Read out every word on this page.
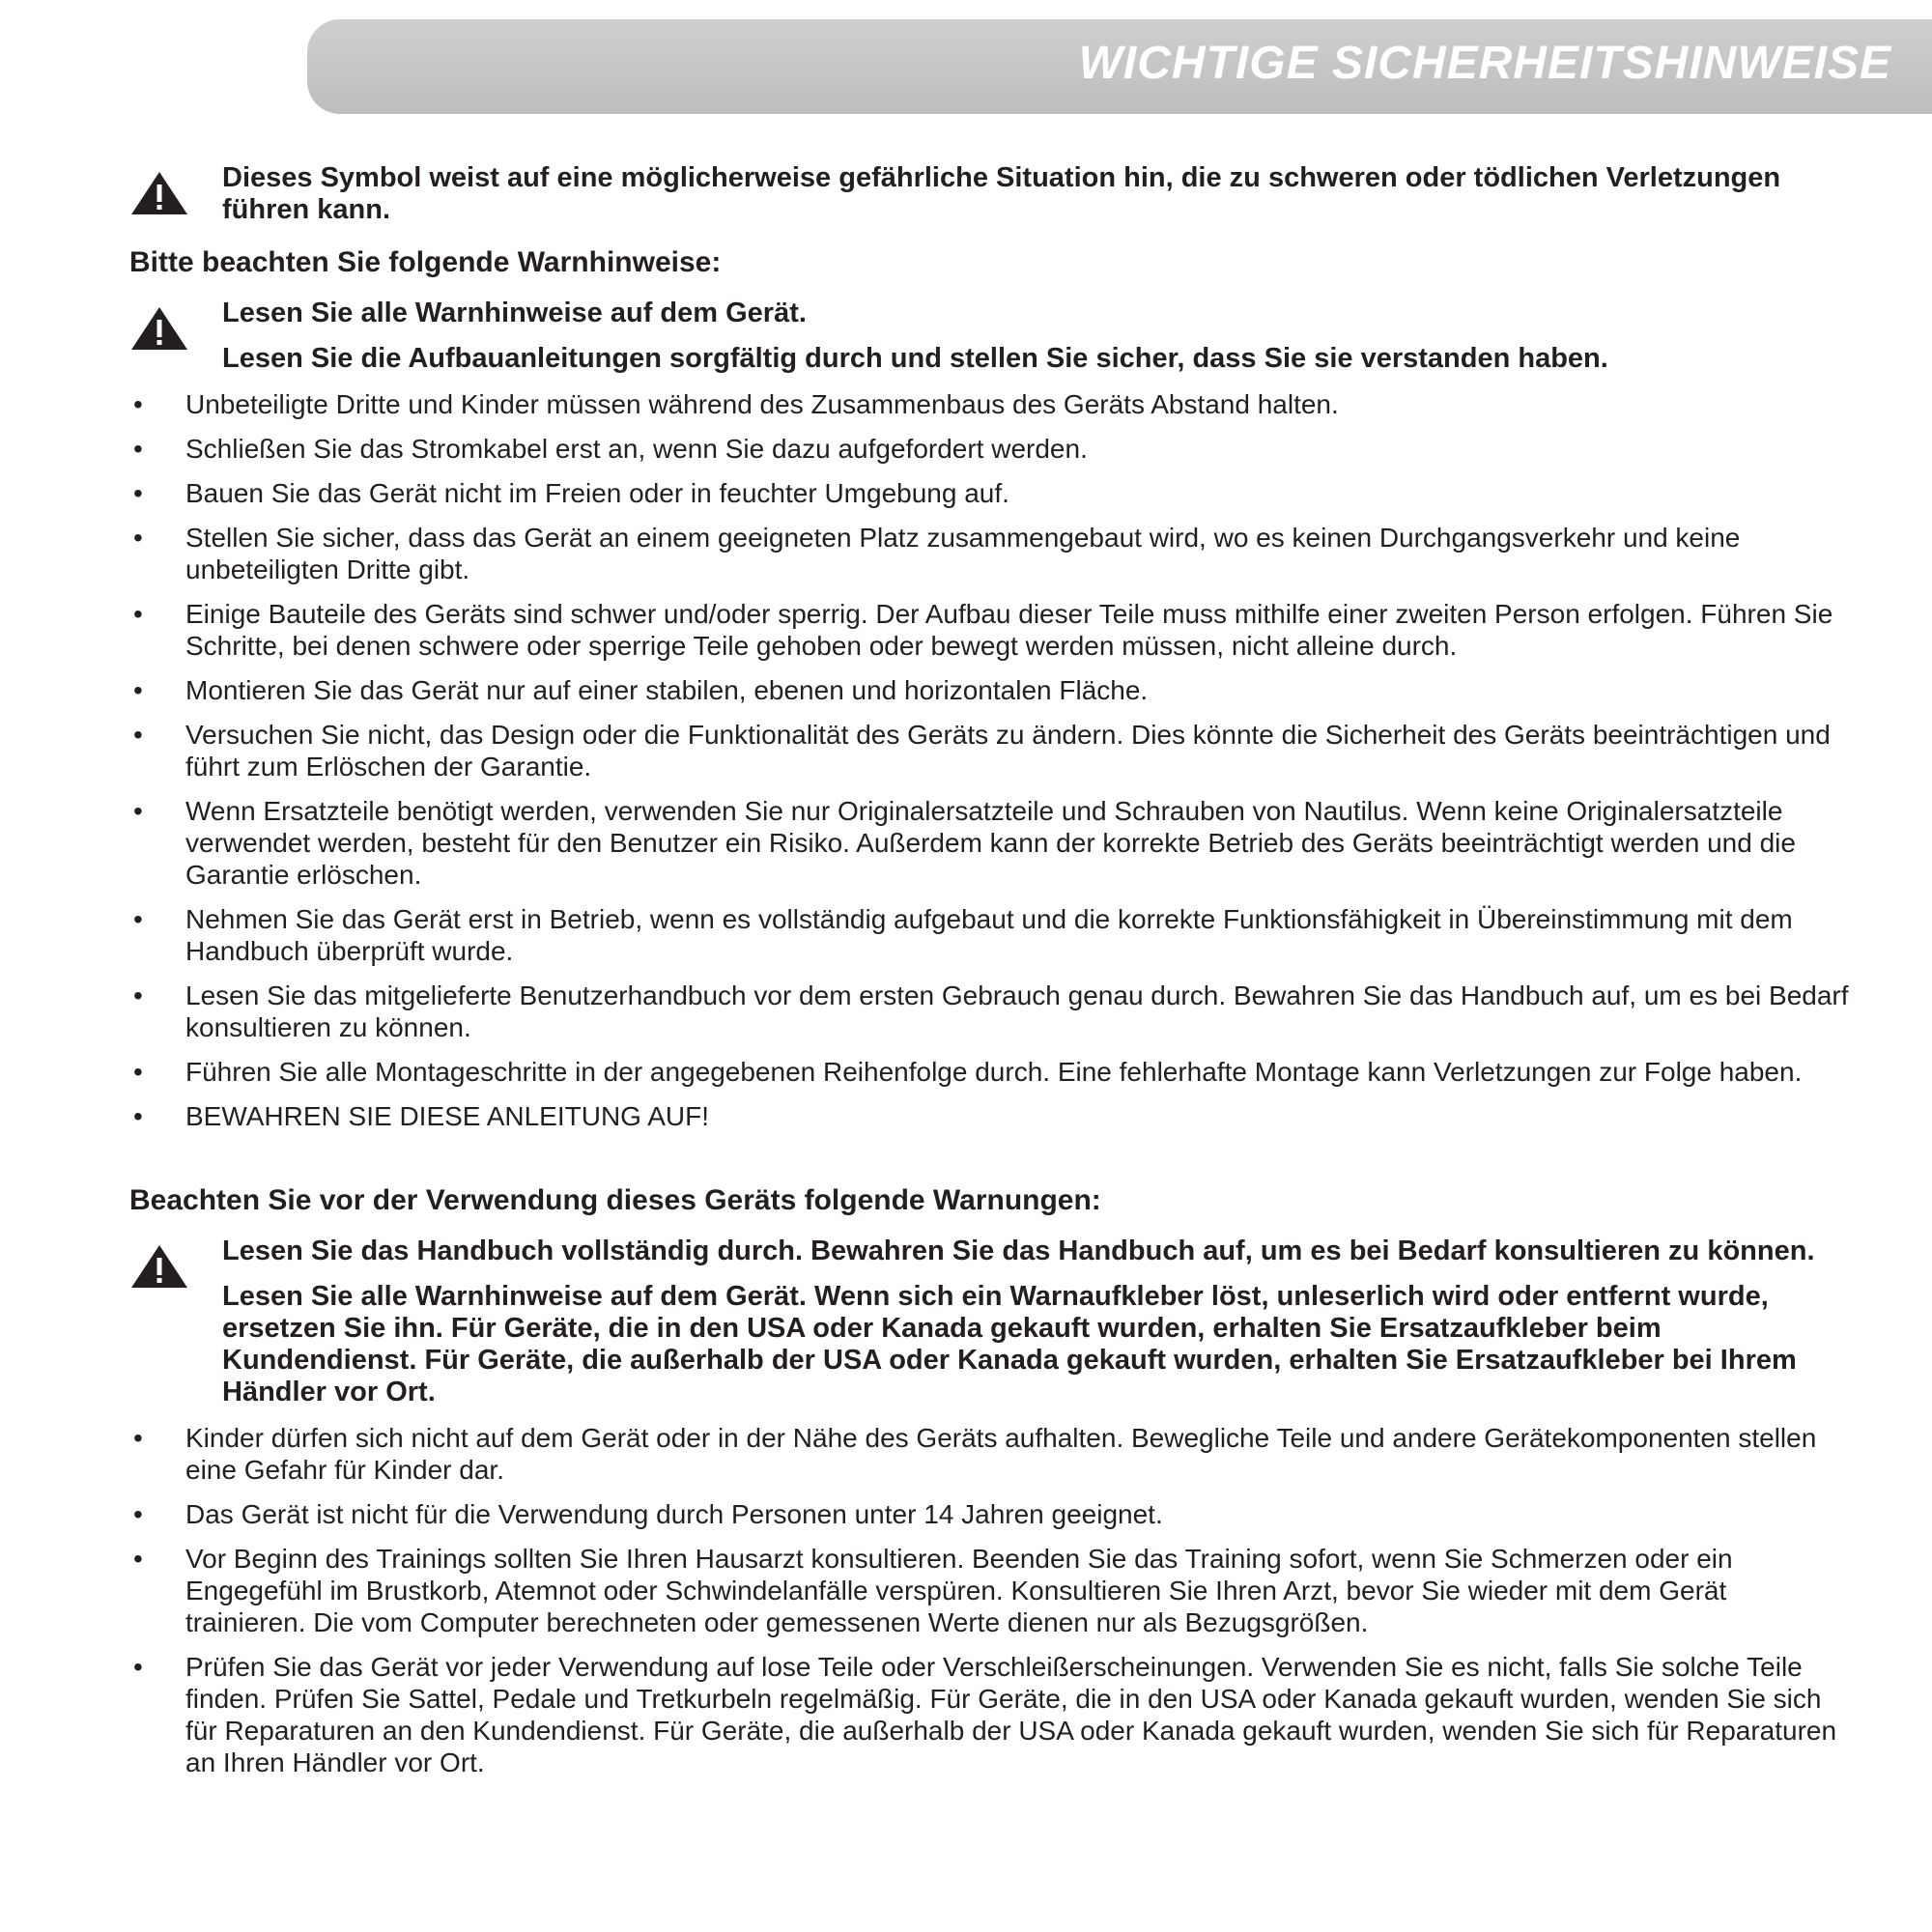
WICHTIGE SICHERHEITSHINWEISE

Dieses Symbol weist auf eine möglicherweise gefährliche Situation hin, die zu schweren oder tödlichen Verletzungen führen kann.

Bitte beachten Sie folgende Warnhinweise:

Lesen Sie alle Warnhinweise auf dem Gerät.

Lesen Sie die Aufbauanleitungen sorgfältig durch und stellen Sie sicher, dass Sie sie verstanden haben.

• Unbeteiligte Dritte und Kinder müssen während des Zusammenbaus des Geräts Abstand halten.
• Schließen Sie das Stromkabel erst an, wenn Sie dazu aufgefordert werden.
• Bauen Sie das Gerät nicht im Freien oder in feuchter Umgebung auf.
• Stellen Sie sicher, dass das Gerät an einem geeigneten Platz zusammengebaut wird, wo es keinen Durchgangsverkehr und keine unbeteiligten Dritte gibt.
• Einige Bauteile des Geräts sind schwer und/oder sperrig. Der Aufbau dieser Teile muss mithilfe einer zweiten Person erfolgen. Führen Sie Schritte, bei denen schwere oder sperrige Teile gehoben oder bewegt werden müssen, nicht alleine durch.
• Montieren Sie das Gerät nur auf einer stabilen, ebenen und horizontalen Fläche.
• Versuchen Sie nicht, das Design oder die Funktionalität des Geräts zu ändern. Dies könnte die Sicherheit des Geräts beeinträchtigen und führt zum Erlöschen der Garantie.
• Wenn Ersatzteile benötigt werden, verwenden Sie nur Originalersatzteile und Schrauben von Nautilus. Wenn keine Originalersatzteile verwendet werden, besteht für den Benutzer ein Risiko. Außerdem kann der korrekte Betrieb des Geräts beeinträchtigt werden und die Garantie erlöschen.
• Nehmen Sie das Gerät erst in Betrieb, wenn es vollständig aufgebaut und die korrekte Funktionsfähigkeit in Übereinstimmung mit dem Handbuch überprüft wurde.
• Lesen Sie das mitgelieferte Benutzerhandbuch vor dem ersten Gebrauch genau durch. Bewahren Sie das Handbuch auf, um es bei Bedarf konsultieren zu können.
• Führen Sie alle Montageschritte in der angegebenen Reihenfolge durch. Eine fehlerhafte Montage kann Verletzungen zur Folge haben.
• BEWAHREN SIE DIESE ANLEITUNG AUF!
Beachten Sie vor der Verwendung dieses Geräts folgende Warnungen:

Lesen Sie das Handbuch vollständig durch. Bewahren Sie das Handbuch auf, um es bei Bedarf konsultieren zu können.

Lesen Sie alle Warnhinweise auf dem Gerät. Wenn sich ein Warnaufkleber löst, unleserlich wird oder entfernt wurde, ersetzen Sie ihn. Für Geräte, die in den USA oder Kanada gekauft wurden, erhalten Sie Ersatzaufkleber beim Kundendienst. Für Geräte, die außerhalb der USA oder Kanada gekauft wurden, erhalten Sie Ersatzaufkleber bei Ihrem Händler vor Ort.

• Kinder dürfen sich nicht auf dem Gerät oder in der Nähe des Geräts aufhalten. Bewegliche Teile und andere Gerätekomponenten stellen eine Gefahr für Kinder dar.
• Das Gerät ist nicht für die Verwendung durch Personen unter 14 Jahren geeignet.
• Vor Beginn des Trainings sollten Sie Ihren Hausarzt konsultieren. Beenden Sie das Training sofort, wenn Sie Schmerzen oder ein Engegefühl im Brustkorb, Atemnot oder Schwindelanfälle verspüren. Konsultieren Sie Ihren Arzt, bevor Sie wieder mit dem Gerät trainieren. Die vom Computer berechneten oder gemessenen Werte dienen nur als Bezugsgrößen.
• Prüfen Sie das Gerät vor jeder Verwendung auf lose Teile oder Verschleißerscheinungen. Verwenden Sie es nicht, falls Sie solche Teile finden. Prüfen Sie Sattel, Pedale und Tretkurbeln regelmäßig. Für Geräte, die in den USA oder Kanada gekauft wurden, wenden Sie sich für Reparaturen an den Kundendienst. Für Geräte, die außerhalb der USA oder Kanada gekauft wurden, wenden Sie sich für Reparaturen an Ihren Händler vor Ort.
